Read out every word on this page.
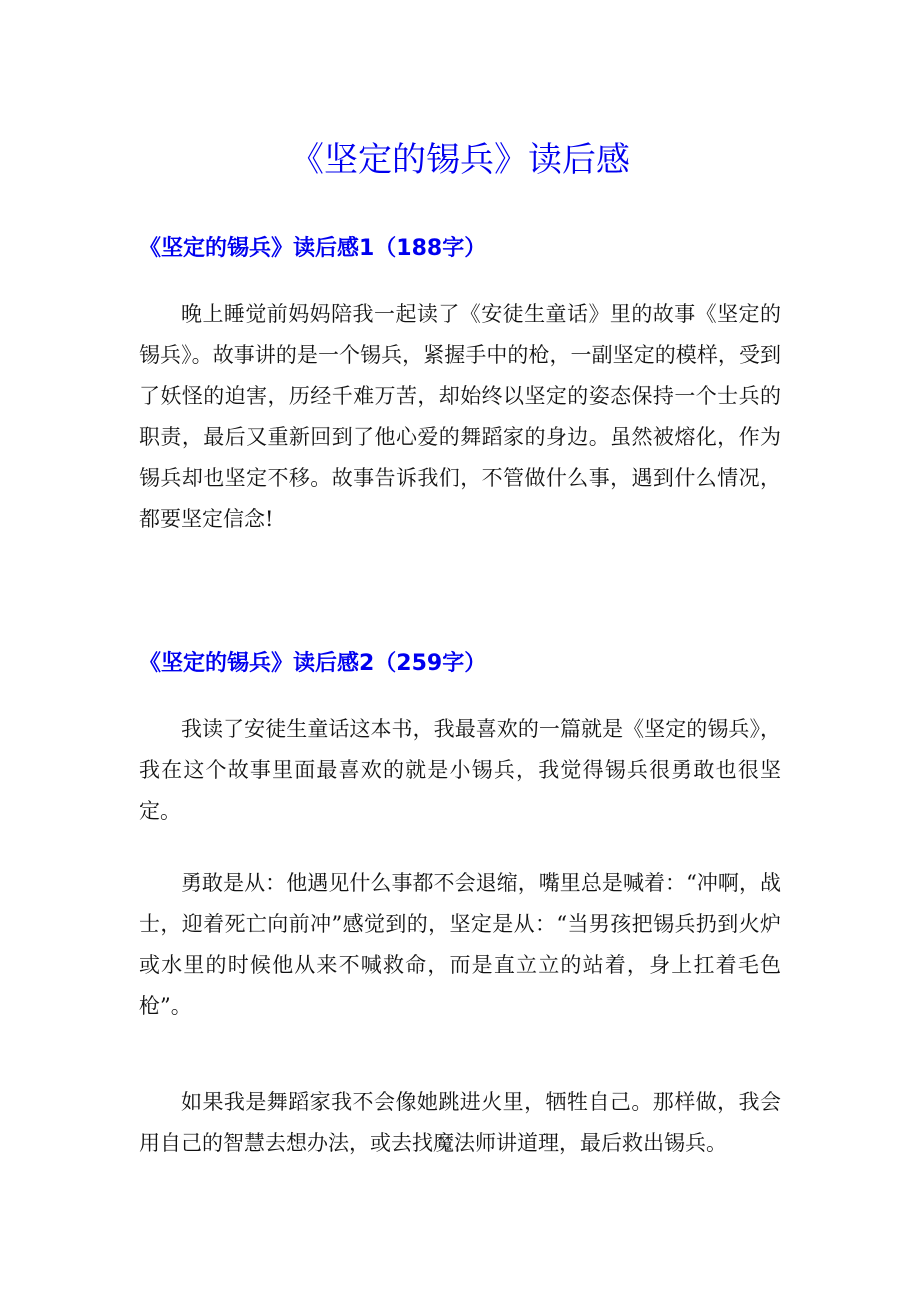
《坚定的锡兵》读后感
《坚定的锡兵》读后感1（188字）

晚上睡觉前妈妈陪我一起读了《安徒生童话》里的故事《坚定的锡兵》。故事讲的是一个锡兵，紧握手中的枪，一副坚定的模样，受到了妖怪的迫害，历经千难万苦，却始终以坚定的姿态保持一个士兵的职责，最后又重新回到了他心爱的舞蹈家的身边。虽然被熔化，作为锡兵却也坚定不移。故事告诉我们，不管做什么事，遇到什么情况，都要坚定信念!

《坚定的锡兵》读后感2（259字）

我读了安徒生童话这本书，我最喜欢的一篇就是《坚定的锡兵》，我在这个故事里面最喜欢的就是小锡兵，我觉得锡兵很勇敢也很坚定。

勇敢是从：他遇见什么事都不会退缩，嘴里总是喊着：“冲啊，战士，迎着死亡向前冲”感觉到的，坚定是从：“当男孩把锡兵扔到火炉或水里的时候他从来不喊救命，而是直立立的站着，身上扛着毛色枪”。

如果我是舞蹈家我不会像她跳进火里，牺牲自己。那样做，我会用自己的智慧去想办法，或去找魔法师讲道理，最后救出锡兵。
